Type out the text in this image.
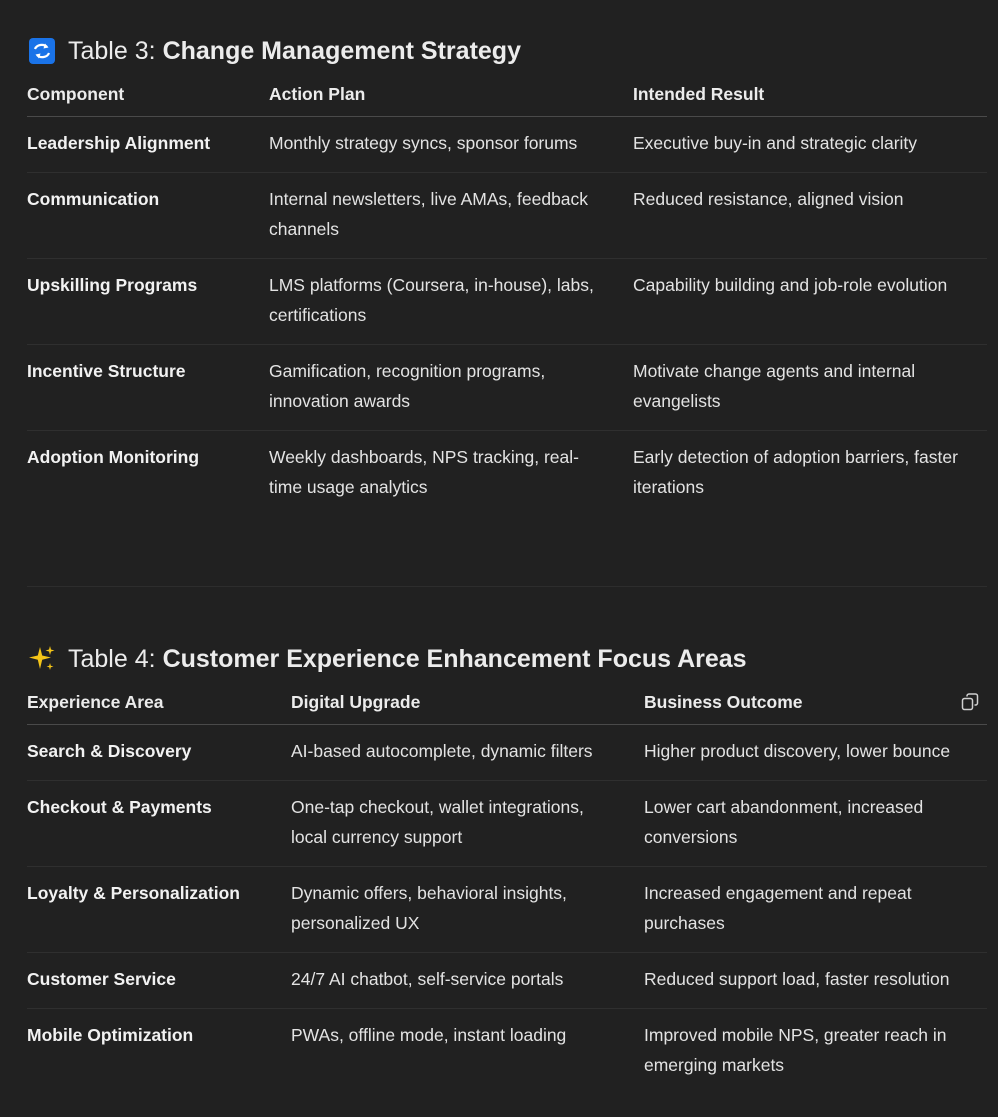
Table 3: Change Management Strategy
Component	Action Plan	Intended Result

Leadership Alignment	Monthly strategy syncs, sponsor forums	Executive buy-in and strategic clarity

Communication	Internal newsletters, live AMAs, feedback channels	Reduced resistance, aligned vision

Upskilling Programs	LMS platforms (Coursera, in-house), labs, certifications	Capability building and job-role evolution

Incentive Structure	Gamification, recognition programs, innovation awards	Motivate change agents and internal evangelists

Adoption Monitoring	Weekly dashboards, NPS tracking, real-time usage analytics	Early detection of adoption barriers, faster iterations
Table 4: Customer Experience Enhancement Focus Areas
Experience Area	Digital Upgrade	Business Outcome

Search & Discovery	AI-based autocomplete, dynamic filters	Higher product discovery, lower bounce

Checkout & Payments	One-tap checkout, wallet integrations, local currency support	Lower cart abandonment, increased conversions

Loyalty & Personalization	Dynamic offers, behavioral insights, personalized UX	Increased engagement and repeat purchases

Customer Service	24/7 AI chatbot, self-service portals	Reduced support load, faster resolution

Mobile Optimization	PWAs, offline mode, instant loading	Improved mobile NPS, greater reach in emerging markets
